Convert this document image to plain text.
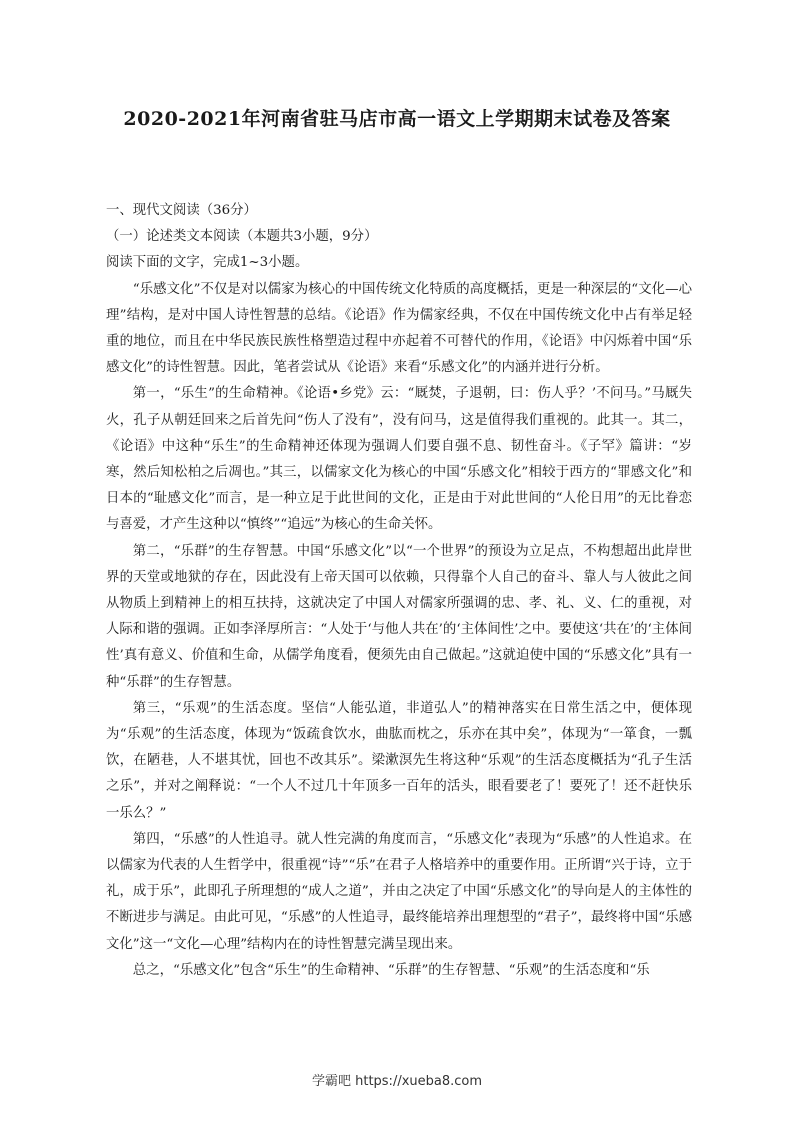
2020-2021年河南省驻马店市高一语文上学期期末试卷及答案

一、现代文阅读（36分）

（一）论述类文本阅读（本题共3小题，9分）

阅读下面的文字，完成1~3小题。

“乐感文化”不仅是对以儒家为核心的中国传统文化特质的高度概括，更是一种深层的“文化—心理”结构，是对中国人诗性智慧的总结。《论语》作为儒家经典，不仅在中国传统文化中占有举足轻重的地位，而且在中华民族民族性格塑造过程中亦起着不可替代的作用，《论语》中闪烁着中国“乐感文化”的诗性智慧。因此，笔者尝试从《论语》来看“乐感文化”的内涵并进行分析。

第一，“乐生”的生命精神。《论语•乡党》云：“厩焚，子退朝，曰：伤人乎？’不问马。”马厩失火，孔子从朝廷回来之后首先问“伤人了没有”，没有问马，这是值得我们重视的。此其一。其二，《论语》中这种“乐生”的生命精神还体现为强调人们要自强不息、韧性奋斗。《子罕》篇讲：“岁寒，然后知松柏之后凋也。”其三，以儒家文化为核心的中国“乐感文化”相较于西方的“罪感文化”和日本的“耻感文化”而言，是一种立足于此世间的文化，正是由于对此世间的“人伦日用”的无比眷恋与喜爱，才产生这种以“慎终”“追远”为核心的生命关怀。

第二，“乐群”的生存智慧。中国“乐感文化”以“一个世界”的预设为立足点，不构想超出此岸世界的天堂或地狱的存在，因此没有上帝天国可以依赖，只得靠个人自己的奋斗、靠人与人彼此之间从物质上到精神上的相互扶持，这就决定了中国人对儒家所强调的忠、孝、礼、义、仁的重视，对人际和谐的强调。正如李泽厚所言：“人处于‘与他人共在’的‘主体间性’之中。要使这‘共在’的‘主体间性’真有意义、价值和生命，从儒学角度看，便须先由自己做起。”这就迫使中国的“乐感文化”具有一种“乐群”的生存智慧。

第三，“乐观”的生活态度。坚信“人能弘道，非道弘人”的精神落实在日常生活之中，便体现为“乐观”的生活态度，体现为“饭疏食饮水，曲肱而枕之，乐亦在其中矣”，体现为“一箪食，一瓢饮，在陋巷，人不堪其忧，回也不改其乐”。梁漱溟先生将这种“乐观”的生活态度概括为“孔子生活之乐”，并对之阐释说：“一个人不过几十年顶多一百年的活头，眼看要老了！要死了！还不赶快乐一乐么？”

第四，“乐感”的人性追寻。就人性完满的角度而言，“乐感文化”表现为“乐感”的人性追求。在以儒家为代表的人生哲学中，很重视“诗”“乐”在君子人格培养中的重要作用。正所谓“兴于诗，立于礼，成于乐”，此即孔子所理想的“成人之道”，并由之决定了中国“乐感文化”的导向是人的主体性的不断进步与满足。由此可见，“乐感”的人性追寻，最终能培养出理想型的“君子”，最终将中国“乐感文化”这一“文化—心理”结构内在的诗性智慧完满呈现出来。

总之，“乐感文化”包含“乐生”的生命精神、“乐群”的生存智慧、“乐观”的生活态度和“乐

学霸吧 https://xueba8.com
